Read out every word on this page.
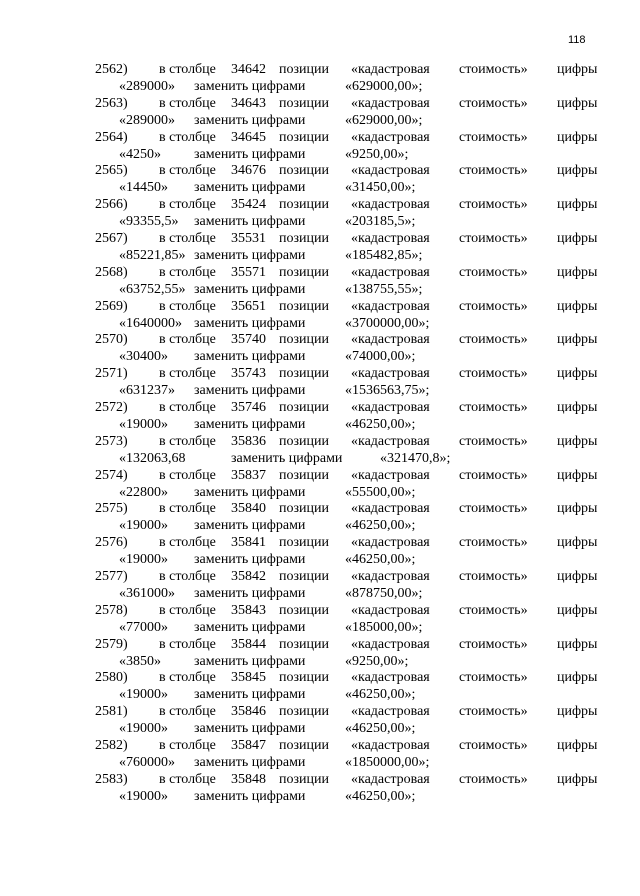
118
2562) в столбце 34642 позиции «кадастровая стоимость» цифры
«289000» заменить цифрами	«629000,00»;
2563) в столбце 34643 позиции «кадастровая стоимость» цифры
«289000» заменить цифрами	«629000,00»;
2564) в столбце 34645 позиции «кадастровая стоимость» цифры
«4250» заменить цифрами	«9250,00»;
2565) в столбце 34676 позиции «кадастровая стоимость» цифры
«14450» заменить цифрами	«31450,00»;
2566) в столбце 35424 позиции «кадастровая стоимость» цифры
«93355,5» заменить цифрами	«203185,5»;
2567) в столбце 35531 позиции «кадастровая стоимость» цифры
«85221,85» заменить цифрами	«185482,85»;
2568) в столбце 35571 позиции «кадастровая стоимость» цифры
«63752,55» заменить цифрами	«138755,55»;
2569) в столбце 35651 позиции «кадастровая стоимость» цифры
«1640000» заменить цифрами	«3700000,00»;
2570) в столбце 35740 позиции «кадастровая стоимость» цифры
«30400» заменить цифрами	«74000,00»;
2571) в столбце 35743 позиции «кадастровая стоимость» цифры
«631237» заменить цифрами	«1536563,75»;
2572) в столбце 35746 позиции «кадастровая стоимость» цифры
«19000» заменить цифрами	«46250,00»;
2573) в столбце 35836 позиции «кадастровая стоимость» цифры
«132063,68	заменить цифрами	«321470,8»;
2574) в столбце 35837 позиции «кадастровая стоимость» цифры
«22800» заменить цифрами	«55500,00»;
2575) в столбце 35840 позиции «кадастровая стоимость» цифры
«19000» заменить цифрами	«46250,00»;
2576) в столбце 35841 позиции «кадастровая стоимость» цифры
«19000» заменить цифрами	«46250,00»;
2577) в столбце 35842 позиции «кадастровая стоимость» цифры
«361000» заменить цифрами	«878750,00»;
2578) в столбце 35843 позиции «кадастровая стоимость» цифры
«77000» заменить цифрами	«185000,00»;
2579) в столбце 35844 позиции «кадастровая стоимость» цифры
«3850» заменить цифрами	«9250,00»;
2580) в столбце 35845 позиции «кадастровая стоимость» цифры
«19000» заменить цифрами	«46250,00»;
2581) в столбце 35846 позиции «кадастровая стоимость» цифры
«19000» заменить цифрами	«46250,00»;
2582) в столбце 35847 позиции «кадастровая стоимость» цифры
«760000» заменить цифрами	«1850000,00»;
2583) в столбце 35848 позиции «кадастровая стоимость» цифры
«19000» заменить цифрами	«46250,00»;
